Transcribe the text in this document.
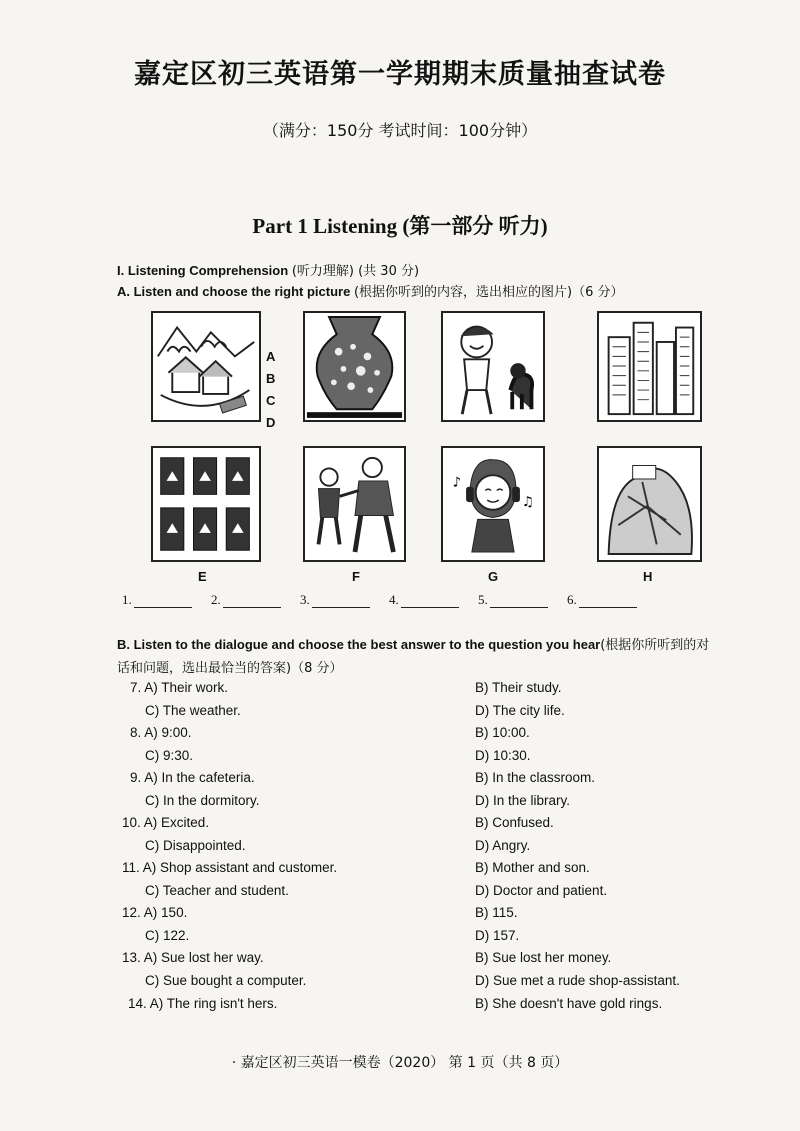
嘉定区初三英语第一学期期末质量抽查试卷
（满分：150分 考试时间：100分钟）
Part 1 Listening (第一部分 听力)
I. Listening Comprehension (听力理解) (共 30 分)
A. Listen and choose the right picture (根据你听到的内容，选出相应的图片)（6 分）
A
B
C
D
♪
♫
E	F	G	H
1.	2.	3.	4.	5.	6.
B. Listen to the dialogue and choose the best answer to the question you hear(根据你所听到的对话和问题，选出最恰当的答案)（8 分）
7. A) Their work.	B) Their study.
C) The weather.	D) The city life.
8. A) 9:00.	B) 10:00.
C) 9:30.	D) 10:30.
9. A) In the cafeteria.	B) In the classroom.
C) In the dormitory.	D) In the library.
10. A) Excited.	B) Confused.
C) Disappointed.	D) Angry.
11. A) Shop assistant and customer.	B) Mother and son.
C) Teacher and student.	D) Doctor and patient.
12. A) 150.	B) 115.
C) 122.	D) 157.
13. A) Sue lost her way.	B) Sue lost her money.
C) Sue bought a computer.	D) Sue met a rude shop-assistant.
14. A) The ring isn't hers.	B) She doesn't have gold rings.
· 嘉定区初三英语一模卷（2020） 第 1 页（共 8 页）
